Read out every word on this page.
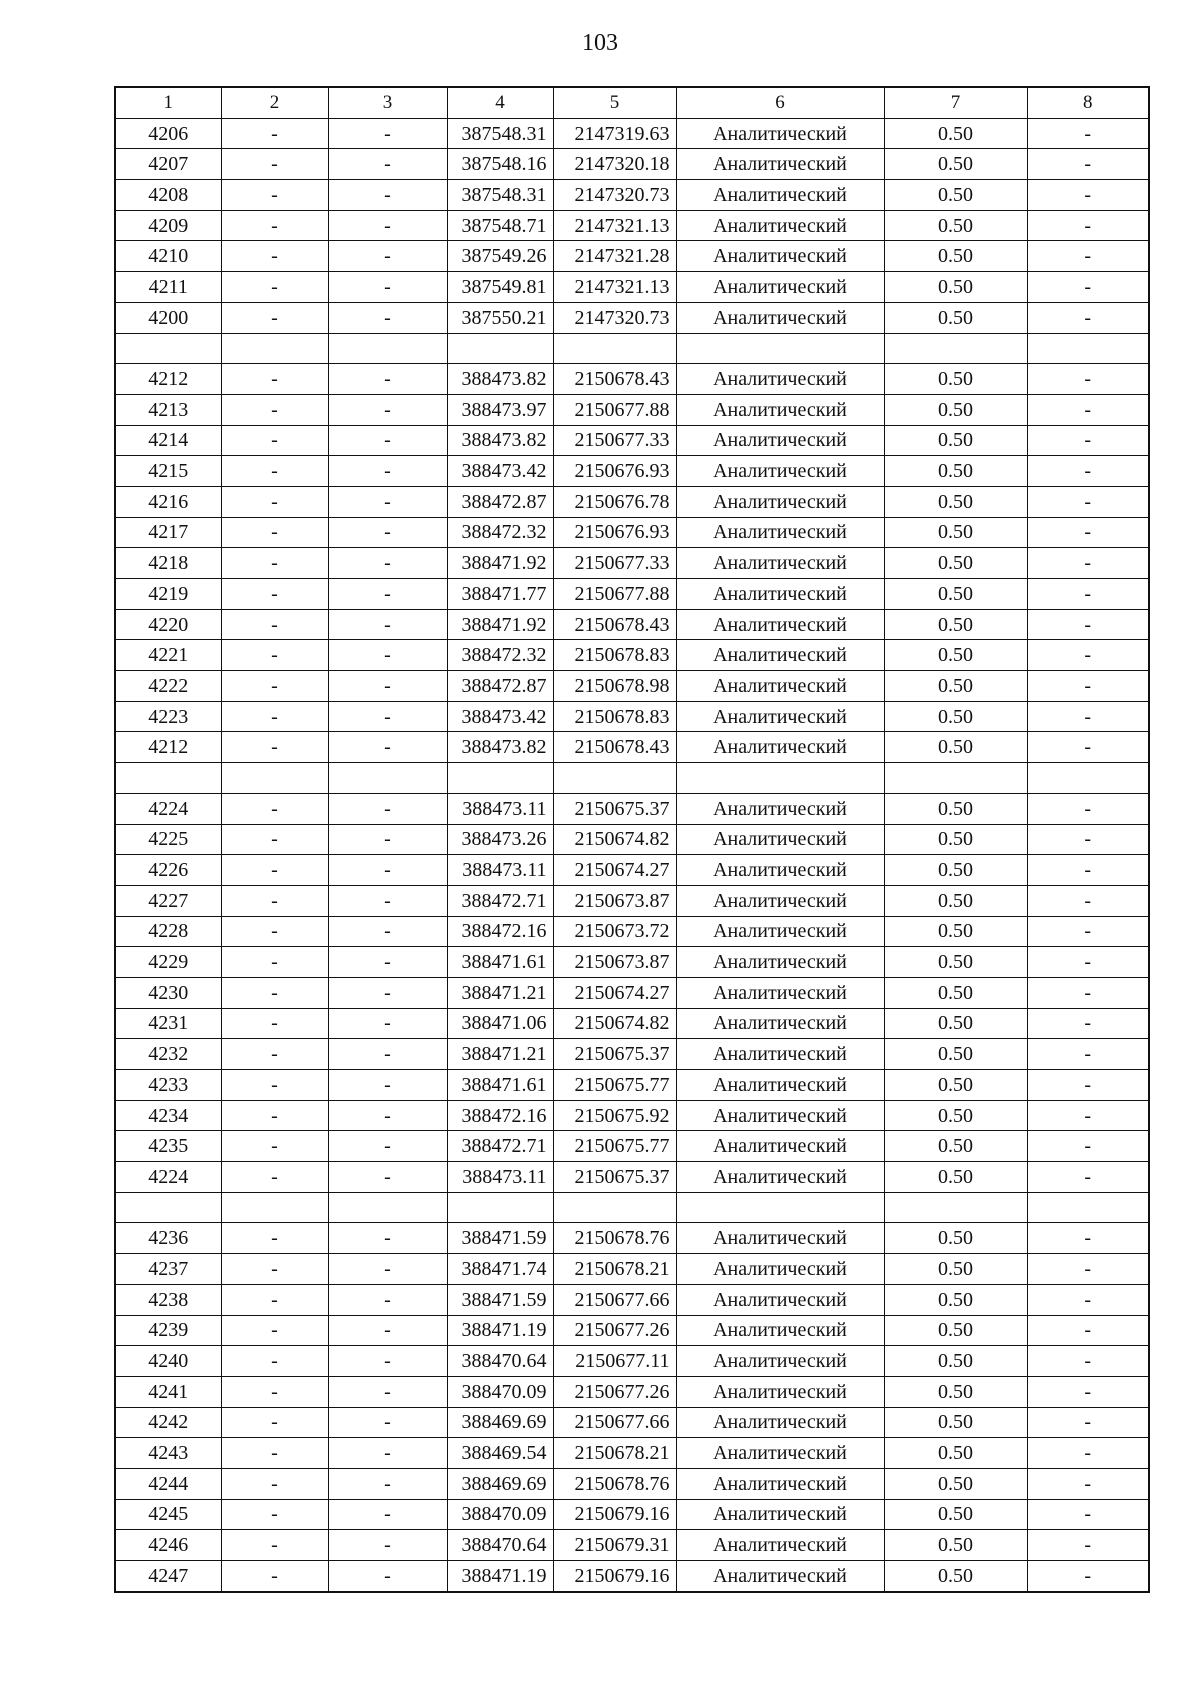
103
1	2	3	4	5	6	7	8
4206	-	-	387548.31	2147319.63	Аналитический	0.50	-
4207	-	-	387548.16	2147320.18	Аналитический	0.50	-
4208	-	-	387548.31	2147320.73	Аналитический	0.50	-
4209	-	-	387548.71	2147321.13	Аналитический	0.50	-
4210	-	-	387549.26	2147321.28	Аналитический	0.50	-
4211	-	-	387549.81	2147321.13	Аналитический	0.50	-
4200	-	-	387550.21	2147320.73	Аналитический	0.50	-

4212	-	-	388473.82	2150678.43	Аналитический	0.50	-
4213	-	-	388473.97	2150677.88	Аналитический	0.50	-
4214	-	-	388473.82	2150677.33	Аналитический	0.50	-
4215	-	-	388473.42	2150676.93	Аналитический	0.50	-
4216	-	-	388472.87	2150676.78	Аналитический	0.50	-
4217	-	-	388472.32	2150676.93	Аналитический	0.50	-
4218	-	-	388471.92	2150677.33	Аналитический	0.50	-
4219	-	-	388471.77	2150677.88	Аналитический	0.50	-
4220	-	-	388471.92	2150678.43	Аналитический	0.50	-
4221	-	-	388472.32	2150678.83	Аналитический	0.50	-
4222	-	-	388472.87	2150678.98	Аналитический	0.50	-
4223	-	-	388473.42	2150678.83	Аналитический	0.50	-
4212	-	-	388473.82	2150678.43	Аналитический	0.50	-

4224	-	-	388473.11	2150675.37	Аналитический	0.50	-
4225	-	-	388473.26	2150674.82	Аналитический	0.50	-
4226	-	-	388473.11	2150674.27	Аналитический	0.50	-
4227	-	-	388472.71	2150673.87	Аналитический	0.50	-
4228	-	-	388472.16	2150673.72	Аналитический	0.50	-
4229	-	-	388471.61	2150673.87	Аналитический	0.50	-
4230	-	-	388471.21	2150674.27	Аналитический	0.50	-
4231	-	-	388471.06	2150674.82	Аналитический	0.50	-
4232	-	-	388471.21	2150675.37	Аналитический	0.50	-
4233	-	-	388471.61	2150675.77	Аналитический	0.50	-
4234	-	-	388472.16	2150675.92	Аналитический	0.50	-
4235	-	-	388472.71	2150675.77	Аналитический	0.50	-
4224	-	-	388473.11	2150675.37	Аналитический	0.50	-

4236	-	-	388471.59	2150678.76	Аналитический	0.50	-
4237	-	-	388471.74	2150678.21	Аналитический	0.50	-
4238	-	-	388471.59	2150677.66	Аналитический	0.50	-
4239	-	-	388471.19	2150677.26	Аналитический	0.50	-
4240	-	-	388470.64	2150677.11	Аналитический	0.50	-
4241	-	-	388470.09	2150677.26	Аналитический	0.50	-
4242	-	-	388469.69	2150677.66	Аналитический	0.50	-
4243	-	-	388469.54	2150678.21	Аналитический	0.50	-
4244	-	-	388469.69	2150678.76	Аналитический	0.50	-
4245	-	-	388470.09	2150679.16	Аналитический	0.50	-
4246	-	-	388470.64	2150679.31	Аналитический	0.50	-
4247	-	-	388471.19	2150679.16	Аналитический	0.50	-
